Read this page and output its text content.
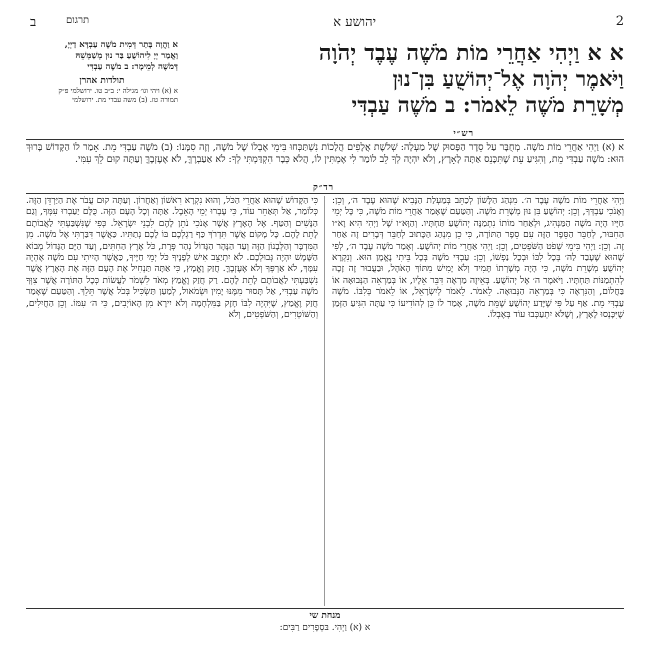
2
יהושע א
תרגום
ב
א א וַיְהִי אַחֲרֵי מוֹת מֹשֶׁה עֶבֶד יְהֹוָה
וַיֹּאמֶר יְהֹוָה אֶל־יְהוֹשֻׁעַ בִּן־נוּן
מְשָׁרֵת מֹשֶׁה לֵאמֹר: ב מֹשֶׁה עַבְדִּי
א וַהֲוָה בָּתַר דְּמִית מֹשֶׁה עַבְדָּא דַיְיָ,
וַאֲמַר יְיָ לִיהוֹשֻׁעַ בַּר נוּן מְשַׁמְּשֵׁהּ
דְּמֹשֶׁה לְמֵימָר: ב מֹשֶׁה עַבְדִּי
תולדות אהרן
א (א) ויהי וגו׳ מגילה י: ב״ב טו. ירושלמי פ״ק
תמורה טז. (ב) משה עבדי מת. ירושלמי
רש״י

א (א) וַיְהִי אַחֲרֵי מוֹת מֹשֶׁה. מְחֻבָּר עַל סֵדֶר הַפָּסוּק שֶׁל מַעְלָה: שְׁלשֶׁת אֲלָפִים הֲלָכוֹת נִשְׁתַּכְּחוּ בִּימֵי אֶבְלוֹ שֶׁל מֹשֶׁה, וְזֶה סִמָּנוֹ: (ב) מֹשֶׁה עַבְדִּי מֵת. אָמַר לוֹ הַקָּדוֹשׁ בָּרוּךְ הוּא: מֹשֶׁה עַבְדִּי מֵת, וְהִגִּיעַ עֵת שֶׁתִּכָּנֵס אַתָּה לָאָרֶץ, וְלֹא יִהְיֶה לְךָ לֵב לוֹמַר לִי אֶמְתִּין לוֹ, הֲלֹא כְּבָר הִקְדַּמְתִּי לְךָ: לֹא אַעַבְרֶךָּ, לֹא אֶעֶזְבֶךָּ וְעַתָּה קוּם לֵךְ עִמִּי.

רד״ק
וַיְהִי אַחֲרֵי מוֹת מֹשֶׁה עֶבֶד ה׳. מִנְהַג הַלָּשׁוֹן לְכַתֵּב בְּמַעְלַת הַנָּבִיא שֶׁהוּא עֶבֶד ה׳, וְכֵן: וְאָנֹכִי עַבְדְּךָ, וְכֵן: יְהוֹשֻׁעַ בִּן נוּן מְשָׁרֵת מֹשֶׁה. וְהַטַּעַם שֶׁאָמַר אַחֲרֵי מוֹת מֹשֶׁה, כִּי כָּל יְמֵי חַיָּיו הָיָה מֹשֶׁה הַמַּנְהִיג, וּלְאַחַר מוֹתוֹ נִתְמַנָּה יְהוֹשֻׁעַ תַּחְתָּיו. וְהַוָּא״ו שֶׁל וַיְהִי הִיא וָא״ו הַחִבּוּר, לְחַבֵּר הַסֵּפֶר הַזֶּה עִם סֵפֶר הַתּוֹרָה, כִּי כֵן מִנְהַג הַכָּתוּב לְחַבֵּר דְּבָרִים זֶה אַחַר זֶה. וְכֵן: וַיְהִי בִּימֵי שְׁפֹט הַשֹּׁפְטִים, וְכֵן: וַיְהִי אַחֲרֵי מוֹת יְהוֹשֻׁעַ. וְאָמַר מֹשֶׁה עֶבֶד ה׳, לְפִי שֶׁהוּא שֶׁעָבַד לַה׳ בְּכָל לִבּוֹ וּבְכָל נַפְשׁוֹ, וְכֵן: עַבְדִּי מֹשֶׁה בְּכָל בֵּיתִי נֶאֱמָן הוּא. וְנִקְרָא יְהוֹשֻׁעַ מְשָׁרֵת מֹשֶׁה, כִּי הָיָה מְשָׁרְתוֹ תָּמִיד וְלֹא יָמִישׁ מִתּוֹךְ הָאֹהֶל, וּבַעֲבוּר זֶה זָכָה לְהִתְמַנּוֹת תַּחְתָּיו. וַיֹּאמֶר ה׳ אֶל יְהוֹשֻׁעַ. בְּאֵיזֶה מַרְאֶה דִּבֵּר אֵלָיו, אוֹ בְּמַרְאֵה הַנְּבוּאָה אוֹ בַּחֲלוֹם, וְהַנִּרְאֶה כִּי בְּמַרְאֵה הַנְּבוּאָה. לֵאמֹר. לֵאמֹר לְיִשְׂרָאֵל, אוֹ לֵאמֹר בְּלִבּוֹ. מֹשֶׁה עַבְדִּי מֵת. אַף עַל פִּי שֶׁיָּדַע יְהוֹשֻׁעַ שֶׁמֵּת מֹשֶׁה, אָמַר לוֹ כֵּן לְהוֹדִיעוֹ כִּי עַתָּה הִגִּיעַ הַזְּמַן שֶׁיִּכָּנְסוּ לָאָרֶץ, וְשֶׁלֹּא יִתְעַכְּבוּ עוֹד בְּאֶבְלוֹ.
כִּי הַקָּדוֹשׁ שֶׁהוּא אַחֲרֵי הַכֹּל, וְהוּא נִקְרָא רִאשׁוֹן וְאַחֲרוֹן. וְעַתָּה קוּם עֲבֹר אֶת הַיַּרְדֵּן הַזֶּה. כְּלוֹמַר, אַל תְּאַחֵר עוֹד, כִּי עָבְרוּ יְמֵי הָאֵבֶל. אַתָּה וְכָל הָעָם הַזֶּה. כֻּלָּם יַעַבְרוּ עִמְּךָ, וְגַם הַנָּשִׁים וְהַטַּף. אֶל הָאָרֶץ אֲשֶׁר אָנֹכִי נֹתֵן לָהֶם לִבְנֵי יִשְׂרָאֵל. כְּפִי שֶׁנִּשְׁבַּעְתִּי לַאֲבוֹתָם לָתֵת לָהֶם. כָּל מָקוֹם אֲשֶׁר תִּדְרֹךְ כַּף רַגְלְכֶם בּוֹ לָכֶם נְתַתִּיו. כַּאֲשֶׁר דִּבַּרְתִּי אֶל מֹשֶׁה. מִן הַמִּדְבָּר וְהַלְּבָנוֹן הַזֶּה וְעַד הַנָּהָר הַגָּדוֹל נְהַר פְּרָת, כֹּל אֶרֶץ הַחִתִּים, וְעַד הַיָּם הַגָּדוֹל מְבוֹא הַשָּׁמֶשׁ יִהְיֶה גְּבוּלְכֶם. לֹא יִתְיַצֵּב אִישׁ לְפָנֶיךָ כֹּל יְמֵי חַיֶּיךָ, כַּאֲשֶׁר הָיִיתִי עִם מֹשֶׁה אֶהְיֶה עִמָּךְ, לֹא אַרְפְּךָ וְלֹא אֶעֶזְבֶךָּ. חֲזַק וֶאֱמָץ, כִּי אַתָּה תַּנְחִיל אֶת הָעָם הַזֶּה אֶת הָאָרֶץ אֲשֶׁר נִשְׁבַּעְתִּי לַאֲבוֹתָם לָתֵת לָהֶם. רַק חֲזַק וֶאֱמַץ מְאֹד לִשְׁמֹר לַעֲשׂוֹת כְּכָל הַתּוֹרָה אֲשֶׁר צִוְּךָ מֹשֶׁה עַבְדִּי, אַל תָּסוּר מִמֶּנּוּ יָמִין וּשְׂמֹאול, לְמַעַן תַּשְׂכִּיל בְּכֹל אֲשֶׁר תֵּלֵךְ. וְהַטַּעַם שֶׁאָמַר חֲזַק וֶאֱמַץ, שֶׁיִּהְיֶה לִבּוֹ חָזָק בַּמִּלְחָמָה וְלֹא יִירָא מִן הָאוֹיְבִים, כִּי ה׳ עִמּוֹ. וְכֵן הַחֲיִלִים, וְהַשּׁוֹטְרִים, וְהַשֹּׁפְטִים, וְלֹא
מנחת שי
א (א) וַיְהִי. בּסְפָרִים רַבִּים:
